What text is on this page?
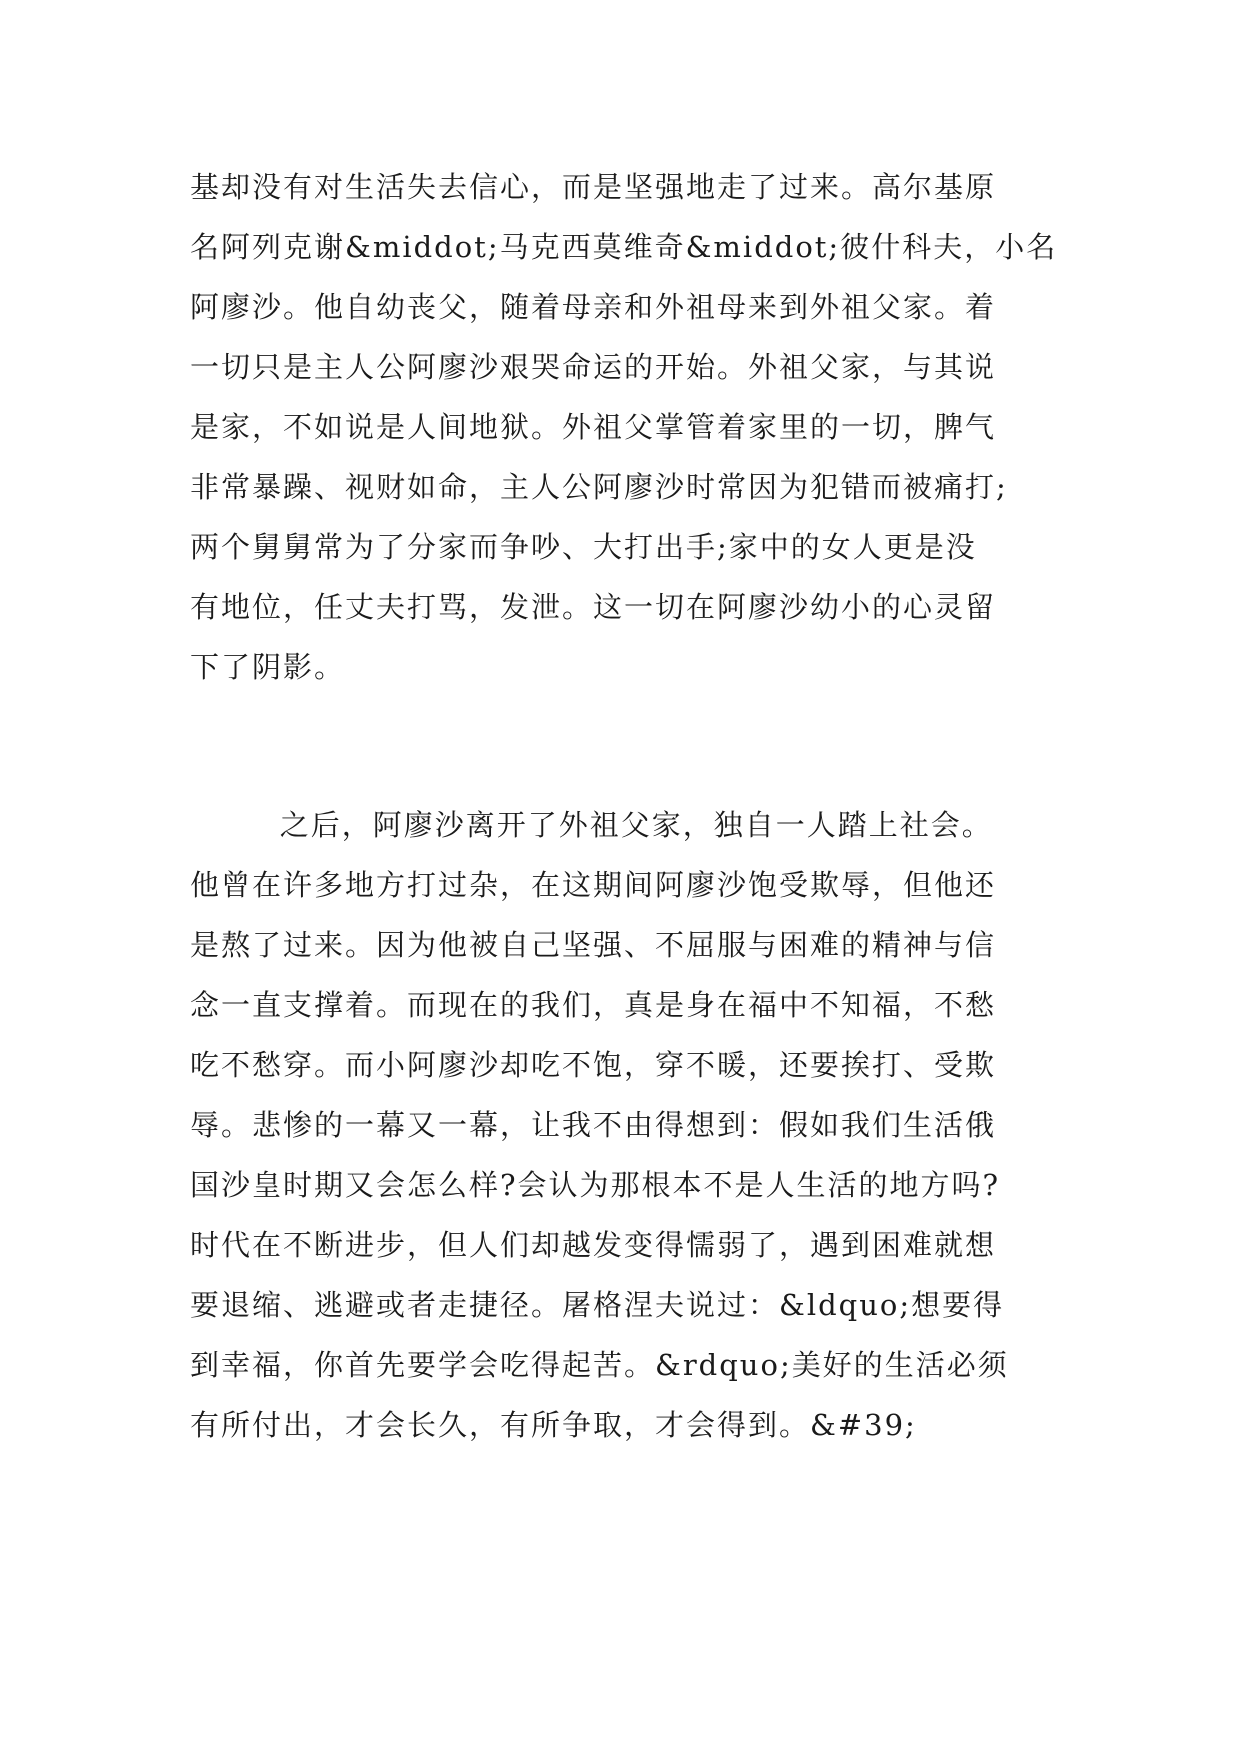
基却没有对生活失去信心，而是坚强地走了过来。高尔基原
名阿列克谢&middot;马克西莫维奇&middot;彼什科夫，小名
阿廖沙。他自幼丧父，随着母亲和外祖母来到外祖父家。着
一切只是主人公阿廖沙艰哭命运的开始。外祖父家，与其说
是家，不如说是人间地狱。外祖父掌管着家里的一切，脾气
非常暴躁、视财如命，主人公阿廖沙时常因为犯错而被痛打;
两个舅舅常为了分家而争吵、大打出手;家中的女人更是没
有地位，任丈夫打骂，发泄。这一切在阿廖沙幼小的心灵留
下了阴影。
之后，阿廖沙离开了外祖父家，独自一人踏上社会。
他曾在许多地方打过杂，在这期间阿廖沙饱受欺辱，但他还
是熬了过来。因为他被自己坚强、不屈服与困难的精神与信
念一直支撑着。而现在的我们，真是身在福中不知福，不愁
吃不愁穿。而小阿廖沙却吃不饱，穿不暖，还要挨打、受欺
辱。悲惨的一幕又一幕，让我不由得想到：假如我们生活俄
国沙皇时期又会怎么样?会认为那根本不是人生活的地方吗?
时代在不断进步，但人们却越发变得懦弱了，遇到困难就想
要退缩、逃避或者走捷径。屠格涅夫说过：&ldquo;想要得
到幸福，你首先要学会吃得起苦。&rdquo;美好的生活必须
有所付出，才会长久，有所争取，才会得到。&#39;
